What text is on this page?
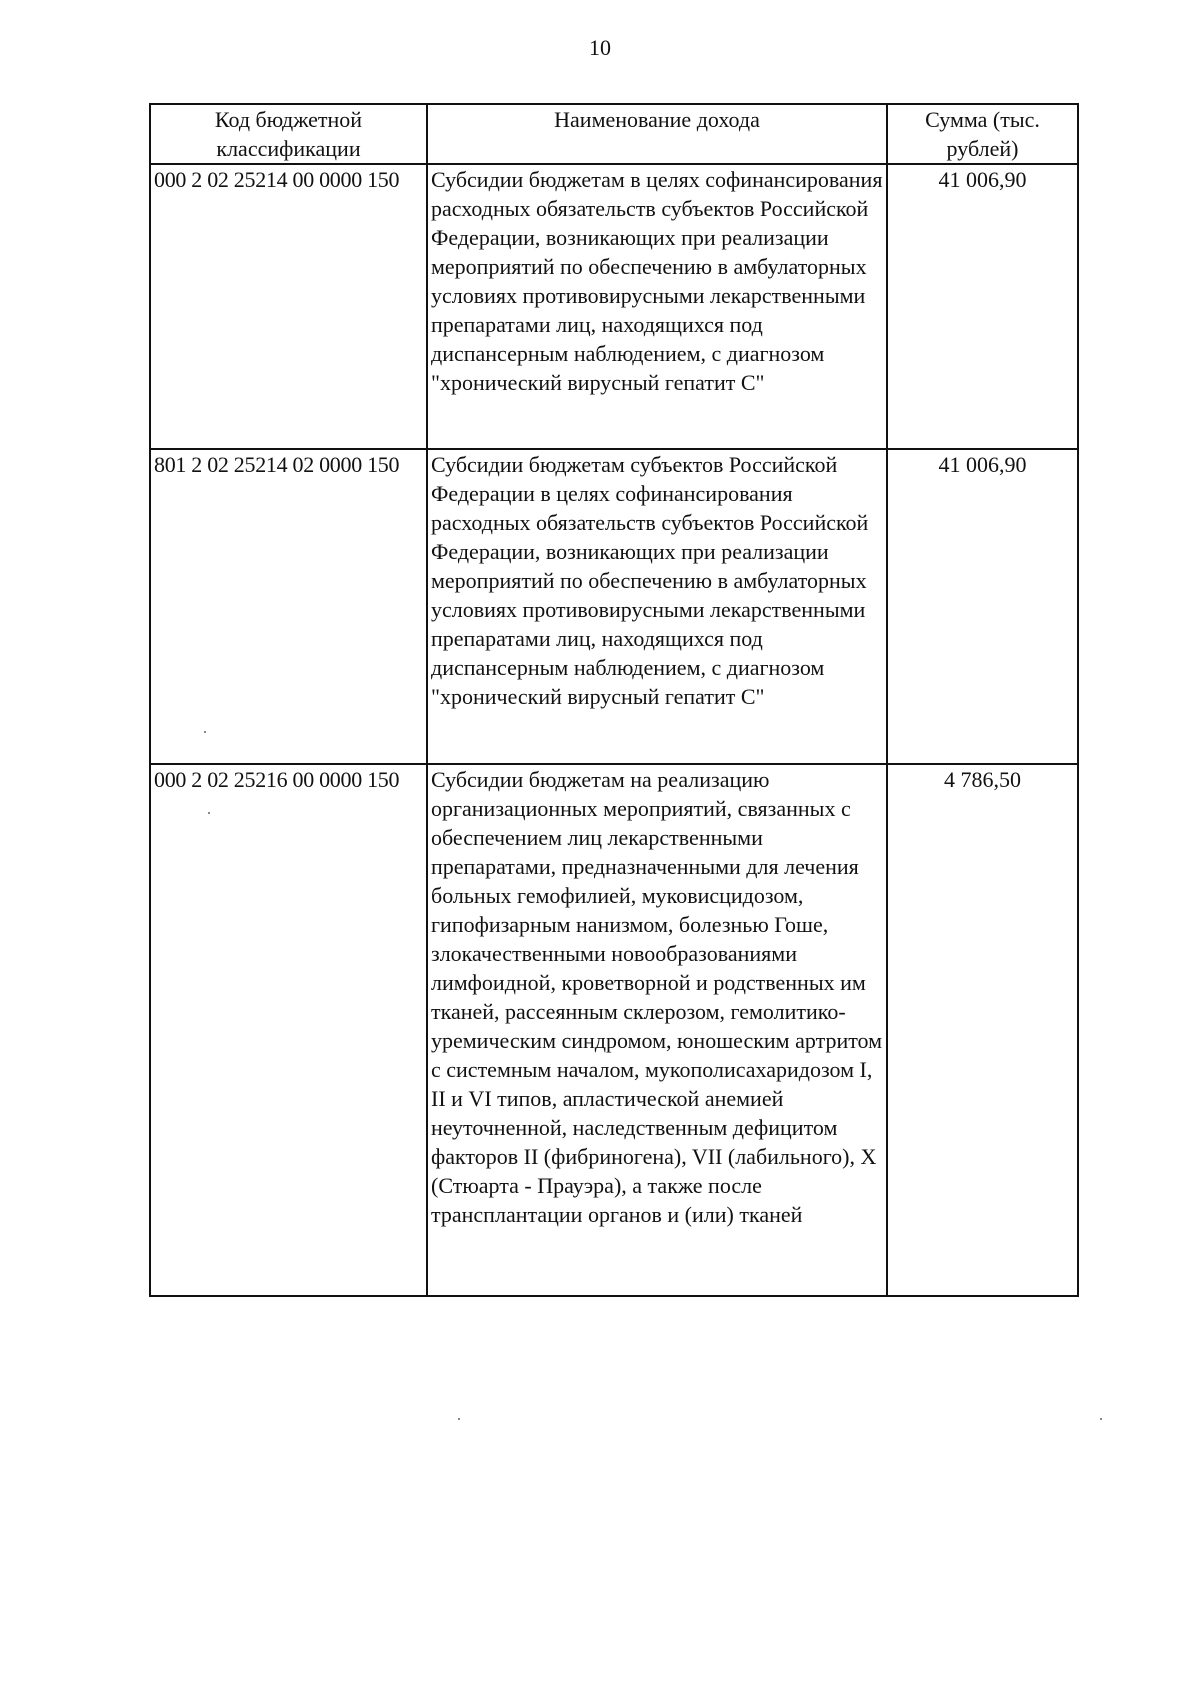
10
Код бюджетной классификации	Наименование дохода	Сумма (тыс. рублей)
000 2 02 25214 00 0000 150	Субсидии бюджетам в целях софинансирования расходных обязательств субъектов Российской Федерации, возникающих при реализации мероприятий по обеспечению в амбулаторных условиях противовирусными лекарственными препаратами лиц, находящихся под диспансерным наблюдением, с диагнозом "хронический вирусный гепатит С"	41 006,90
801 2 02 25214 02 0000 150	Субсидии бюджетам субъектов Российской Федерации в целях софинансирования расходных обязательств субъектов Российской Федерации, возникающих при реализации мероприятий по обеспечению в амбулаторных условиях противовирусными лекарственными препаратами лиц, находящихся под диспансерным наблюдением, с диагнозом "хронический вирусный гепатит С"	41 006,90
000 2 02 25216 00 0000 150	Субсидии бюджетам на реализацию организационных мероприятий, связанных с обеспечением лиц лекарственными препаратами, предназначенными для лечения больных гемофилией, муковисцидозом, гипофизарным нанизмом, болезнью Гоше, злокачественными новообразованиями лимфоидной, кроветворной и родственных им тканей, рассеянным склерозом, гемолитико-уремическим синдромом, юношеским артритом с системным началом, мукополисахаридозом I, II и VI типов, апластической анемией неуточненной, наследственным дефицитом факторов II (фибриногена), VII (лабильного), X (Стюарта - Прауэра), а также после трансплантации органов и (или) тканей	4 786,50
